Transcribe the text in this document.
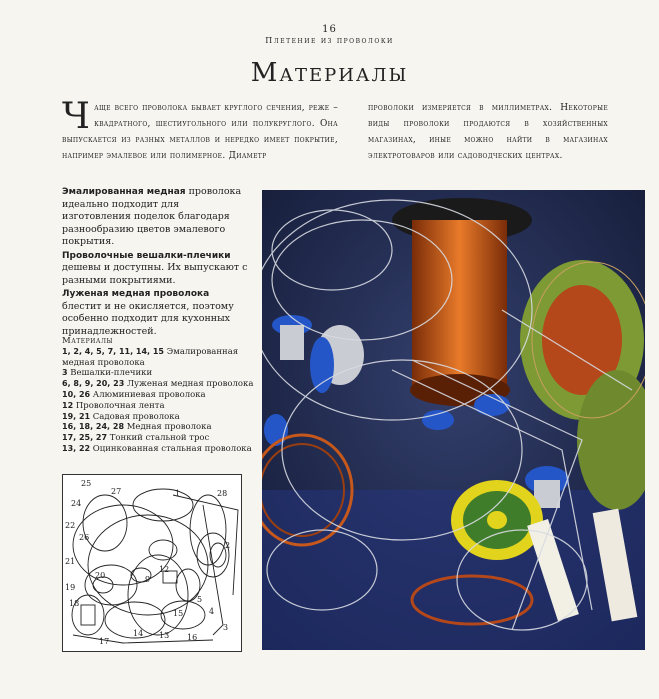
16
Плетение из проволоки
Материалы
Чаще всего проволока бывает круглого сечения, реже – квадратного, шестиугольного или полукруглого. Она выпускается из разных металлов и нередко имеет покрытие, например эмалевое или полимерное. Диаметр
проволоки измеряется в миллиметрах. Некоторые виды проволоки продаются в хозяйственных магазинах, иные можно найти в магазинах электротоваров или садоводческих центрах.

Эмалированная медная проволока идеально подходит для изготовления поделок благодаря разнообразию цветов эмалевого покрытия.

Проволочные вешалки-плечики дешевы и доступны. Их выпускают с разными покрытиями.

Луженая медная проволока блестит и не окисляется, поэтому особенно подходит для кухонных принадлежностей.

Материалы
1, 2, 4, 5, 7, 11, 14, 15 Эмалированная медная проволока
3 Вешалки-плечики
6, 8, 9, 20, 23 Луженая медная проволока
10, 26 Алюминиевая проволока
12 Проволочная лента
19, 21 Садовая проволока
16, 18, 24, 28 Медная проволока
17, 25, 27 Тонкий стальной трос
13, 22 Оцинкованная стальная проволока
25
27
24
1	28
22
26
21
2
20	9
12
19
18	5
4
3
17
14 13
15
16
